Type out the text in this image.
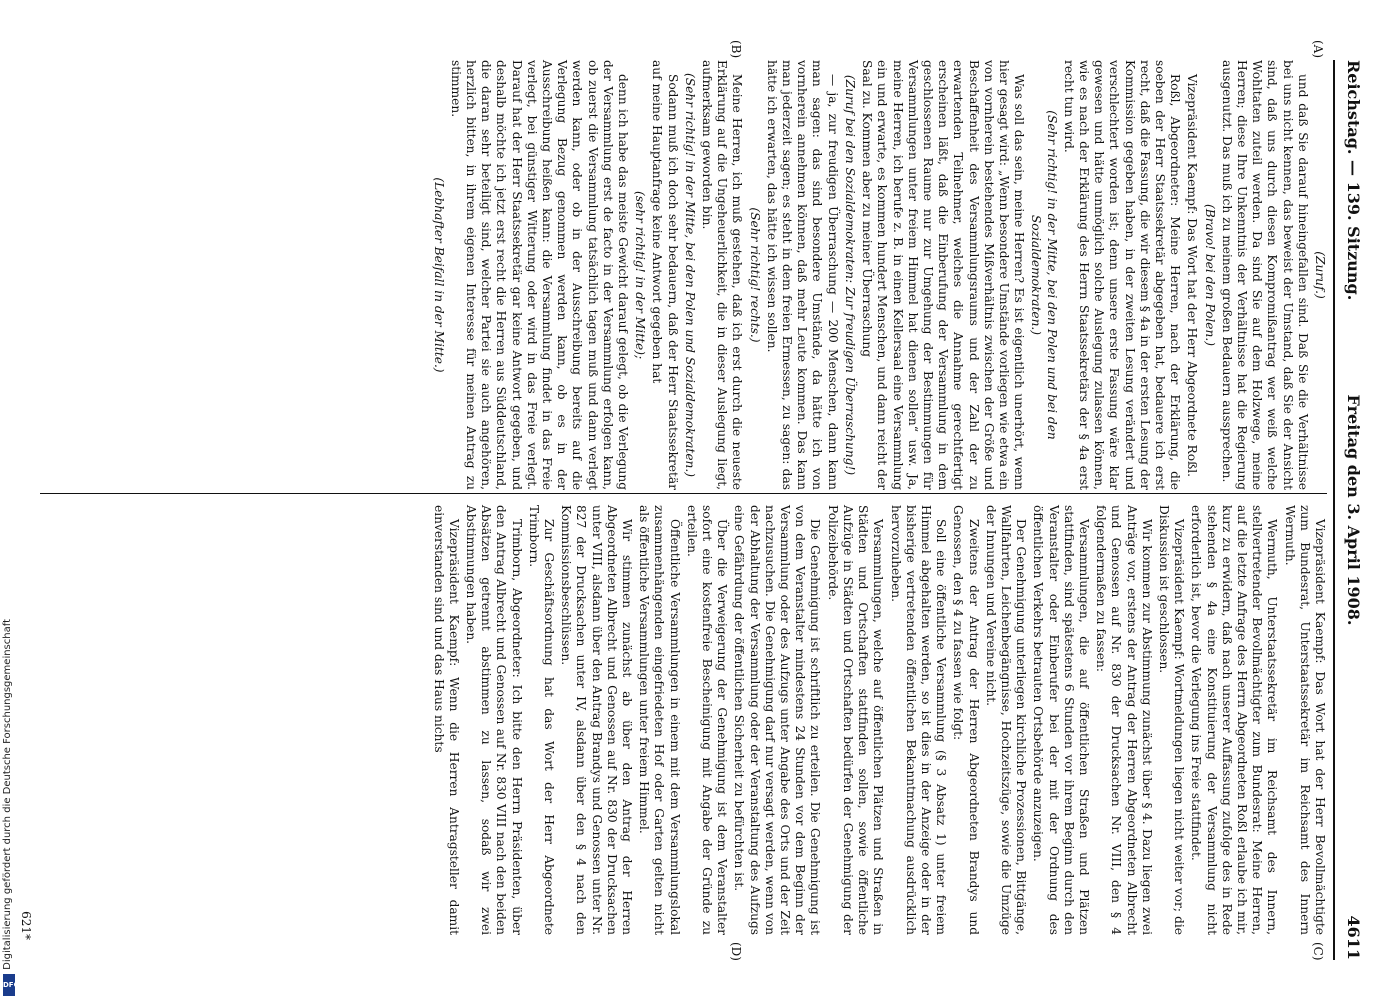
Reichstag. — 139. Sitzung.
Freitag den 3. April 1908.
4611
(A)
(B)
(C)
(D)

(Zuruf.)

und daß Sie darauf hineingefallen sind. Daß Sie die Verhältnisse bei uns nicht kennen, das beweist der Umstand, daß Sie der Ansicht sind, daß uns durch diesen Kompromißantrag wer weiß welche Wohltaten zuteil werden. Da sind Sie auf dem Holzwege, meine Herren; diese Ihre Unkenntnis der Verhältnisse hat die Regierung ausgenutzt. Das muß ich zu meinem großen Bedauern aussprechen.

(Bravo! bei den Polen.)

Vizepräsident Kaempf: Das Wort hat der Herr Abgeordnete Roßl.

Roßl, Abgeordneter: Meine Herren, nach der Erklärung, die soeben der Herr Staatssekretär abgegeben hat, bedauere ich erst recht, daß die Fassung, die wir diesem § 4a in der ersten Lesung der Kommission gegeben haben, in der zweiten Lesung verändert und verschlechtert worden ist; denn unsere erste Fassung wäre klar gewesen und hätte unmöglich solche Auslegung zulassen können, wie es nach der Erklärung des Herrn Staatssekretärs der § 4a erst recht tun wird.

(Sehr richtig! in der Mitte, bei den Polen und bei den Sozialdemokraten.)

Was soll das sein, meine Herren? Es ist eigentlich unerhört, wenn hier gesagt wird: „Wenn besondere Umstände vorliegen wie etwa ein von vornherein bestehendes Mißverhältnis zwischen der Größe und Beschaffenheit des Versammlungsraums und der Zahl der zu erwartenden Teilnehmer, welches die Annahme gerechtfertigt erscheinen läßt, daß die Einberufung der Versammlung in dem geschlossenen Raume nur zur Umgehung der Bestimmungen für Versammlungen unter freiem Himmel hat dienen sollen“ usw. Ja, meine Herren, ich berufe z. B. in einen Kellersaal eine Versammlung ein und erwarte, es kommen hundert Menschen, und dann reicht der Saal zu. Kommen aber zu meiner Überraschung

(Zuruf bei den Sozialdemokraten: Zur freudigen Überraschung!)

— ja, zur freudigen Überraschung — 200 Menschen, dann kann man sagen: das sind besondere Umstände, da hätte ich von vornherein annehmen können, daß mehr Leute kommen. Das kann man jederzeit sagen; es steht in dem freien Ermessen, zu sagen: das hätte ich erwarten, das hätte ich wissen sollen.

(Sehr richtig! rechts.)

Meine Herren, ich muß gestehen, daß ich erst durch die neueste Erklärung auf die Ungeheuerlichkeit, die in dieser Auslegung liegt, aufmerksam geworden bin.

(Sehr richtig! in der Mitte, bei den Polen und Sozialdemokraten.)

Sodann muß ich doch sehr bedauern, daß der Herr Staatssekretär auf meine Hauptanfrage keine Antwort gegeben hat

(sehr richtig! in der Mitte);

denn ich habe das meiste Gewicht darauf gelegt, ob die Verlegung der Versammlung erst de facto in der Versammlung erfolgen kann, ob zuerst die Versammlung tatsächlich tagen muß und dann verlegt werden kann, oder ob in der Ausschreibung bereits auf die Verlegung Bezug genommen werden kann, ob es in der Ausschreibung heißen kann: die Versammlung findet in das Freie verlegt, bei günstiger Witterung oder wird in das Freie verlegt. Darauf hat der Herr Staatssekretär gar keine Antwort gegeben, und deshalb möchte ich jetzt erst recht die Herren aus Süddeutschland, die daran sehr beteiligt sind, welcher Partei sie auch angehören, herzlich bitten, in ihrem eigenen Interesse für meinen Antrag zu stimmen.

(Lebhafter Beifall in der Mitte.)

Vizepräsident Kaempf: Das Wort hat der Herr Bevollmächtigte zum Bundesrat, Unterstaatssekretär im Reichsamt des Innern Wermuth.

Wermuth, Unterstaatssekretär im Reichsamt des Innern, stellvertretender Bevollmächtigter zum Bundesrat: Meine Herren, auf die letzte Anfrage des Herrn Abgeordneten Roßl erlaube ich mir, kurz zu erwidern, daß nach unserer Auffassung zufolge des in Rede stehenden § 4a eine Konstituierung der Versammlung nicht erforderlich ist, bevor die Verlegung ins Freie stattfindet.

Vizepräsident Kaempf: Wortmeldungen liegen nicht weiter vor; die Diskussion ist geschlossen.

Wir kommen zur Abstimmung zunächst über § 4. Dazu liegen zwei Anträge vor, erstens der Antrag der Herren Abgeordneten Albrecht und Genossen auf Nr. 830 der Drucksachen Nr. VIII, den § 4 folgendermaßen zu fassen:

Versammlungen, die auf öffentlichen Straßen und Plätzen stattfinden, sind spätestens 6 Stunden vor ihrem Beginn durch den Veranstalter oder Einberufer bei der mit der Ordnung des öffentlichen Verkehrs betrauten Ortsbehörde anzuzeigen.

Der Genehmigung unterliegen kirchliche Prozessionen, Bittgänge, Wallfahrten, Leichenbegängnisse, Hochzeitszüge, sowie die Umzüge der Innungen und Vereine nicht.

Zweitens der Antrag der Herren Abgeordneten Brandys und Genossen, den § 4 zu fassen wie folgt:

Soll eine öffentliche Versammlung (§ 3 Absatz 1) unter freiem Himmel abgehalten werden, so ist dies in der Anzeige oder in der bisherige vertretenden öffentlichen Bekanntmachung ausdrücklich hervorzuheben.

Versammlungen, welche auf öffentlichen Plätzen und Straßen in Städten und Ortschaften stattfinden sollen, sowie öffentliche Aufzüge in Städten und Ortschaften bedürfen der Genehmigung der Polizeibehörde.

Die Genehmigung ist schriftlich zu erteilen. Die Genehmigung ist von dem Veranstalter mindestens 24 Stunden vor dem Beginn der Versammlung oder des Aufzugs unter Angabe des Orts und der Zeit nachzusuchen. Die Genehmigung darf nur versagt werden, wenn von der Abhaltung der Versammlung oder der Veranstaltung des Aufzugs eine Gefährdung der öffentlichen Sicherheit zu befürchten ist.

Über die Verweigerung der Genehmigung ist dem Veranstalter sofort eine kostenfreie Bescheinigung mit Angabe der Gründe zu erteilen.

Öffentliche Versammlungen in einem mit dem Versammlungslokal zusammenhängenden eingefriedeten Hof oder Garten gelten nicht als öffentliche Versammlungen unter freiem Himmel.

Wir stimmen zunächst ab über den Antrag der Herren Abgeordneten Albrecht und Genossen auf Nr. 830 der Drucksachen unter VIII, alsdann über den Antrag Brandys und Genossen unter Nr. 827 der Drucksachen unter IV, alsdann über den § 4 nach den Kommissionsbeschlüssen.

Zur Geschäftsordnung hat das Wort der Herr Abgeordnete Trimborn.

Trimborn, Abgeordneter: Ich bitte den Herrn Präsidenten, über den Antrag Albrecht und Genossen auf Nr. 830 VIII nach den beiden Absätzen getrennt abstimmen zu lassen, sodaß wir zwei Abstimmungen haben.

Vizepräsident Kaempf: Wenn die Herren Antragsteller damit einverstanden sind und das Haus nichts

621*
Digitalisierung gefördert durch die Deutsche Forschungsgemeinschaft
DFG
